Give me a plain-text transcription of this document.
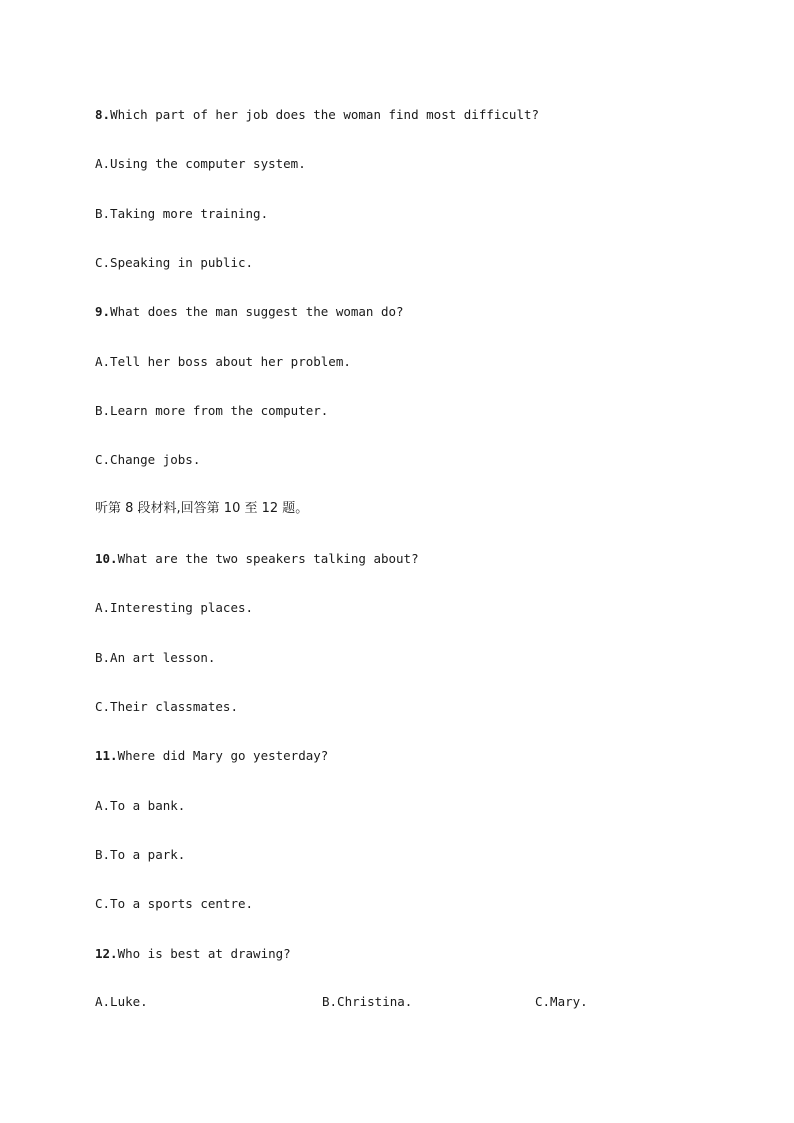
8.Which part of her job does the woman find most difficult?
A.Using the computer system.
B.Taking more training.
C.Speaking in public.
9.What does the man suggest the woman do?
A.Tell her boss about her problem.
B.Learn more from the computer.
C.Change jobs.
听第 8 段材料,回答第 10 至 12 题。
10.What are the two speakers talking about?
A.Interesting places.
B.An art lesson.
C.Their classmates.
11.Where did Mary go yesterday?
A.To a bank.
B.To a park.
C.To a sports centre.
12.Who is best at drawing?

A.Luke.

	B.Christina.

	C.Mary.
